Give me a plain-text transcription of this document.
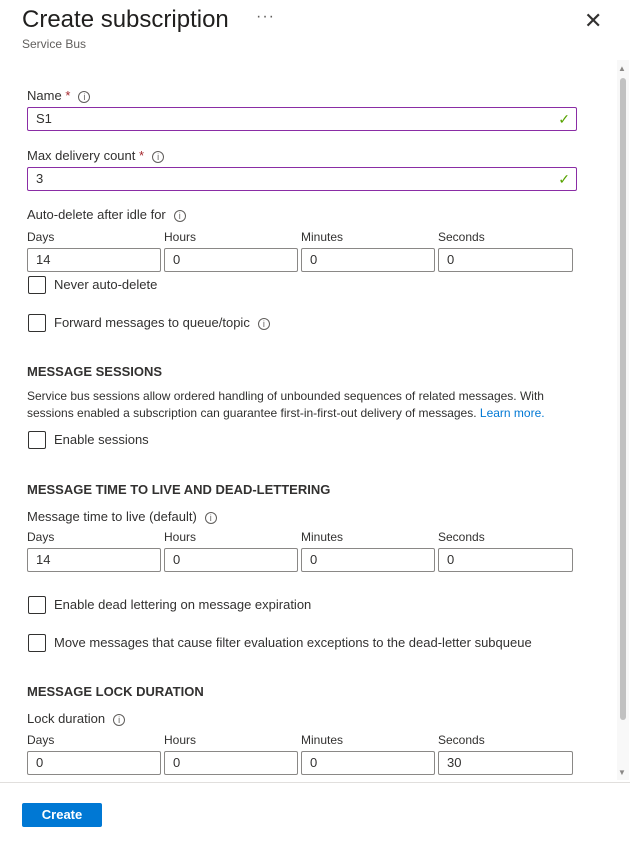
Create subscription ···
Service Bus
✕
Name * i
S1	✓
Max delivery count * i
3	✓
Auto-delete after idle for i
Days	Hours	Minutes	Seconds
14	0	0	0
Never auto-delete
Forward messages to queue/topic i
MESSAGE SESSIONS
Service bus sessions allow ordered handling of unbounded sequences of related messages. With sessions enabled a subscription can guarantee first-in-first-out delivery of messages. Learn more.
Enable sessions
MESSAGE TIME TO LIVE AND DEAD-LETTERING
Message time to live (default) i
Days	Hours	Minutes	Seconds
14	0	0	0
Enable dead lettering on message expiration
Move messages that cause filter evaluation exceptions to the dead-letter subqueue
MESSAGE LOCK DURATION
Lock duration i
Days	Hours	Minutes	Seconds
0	0	0	30
▲
▼
Create
